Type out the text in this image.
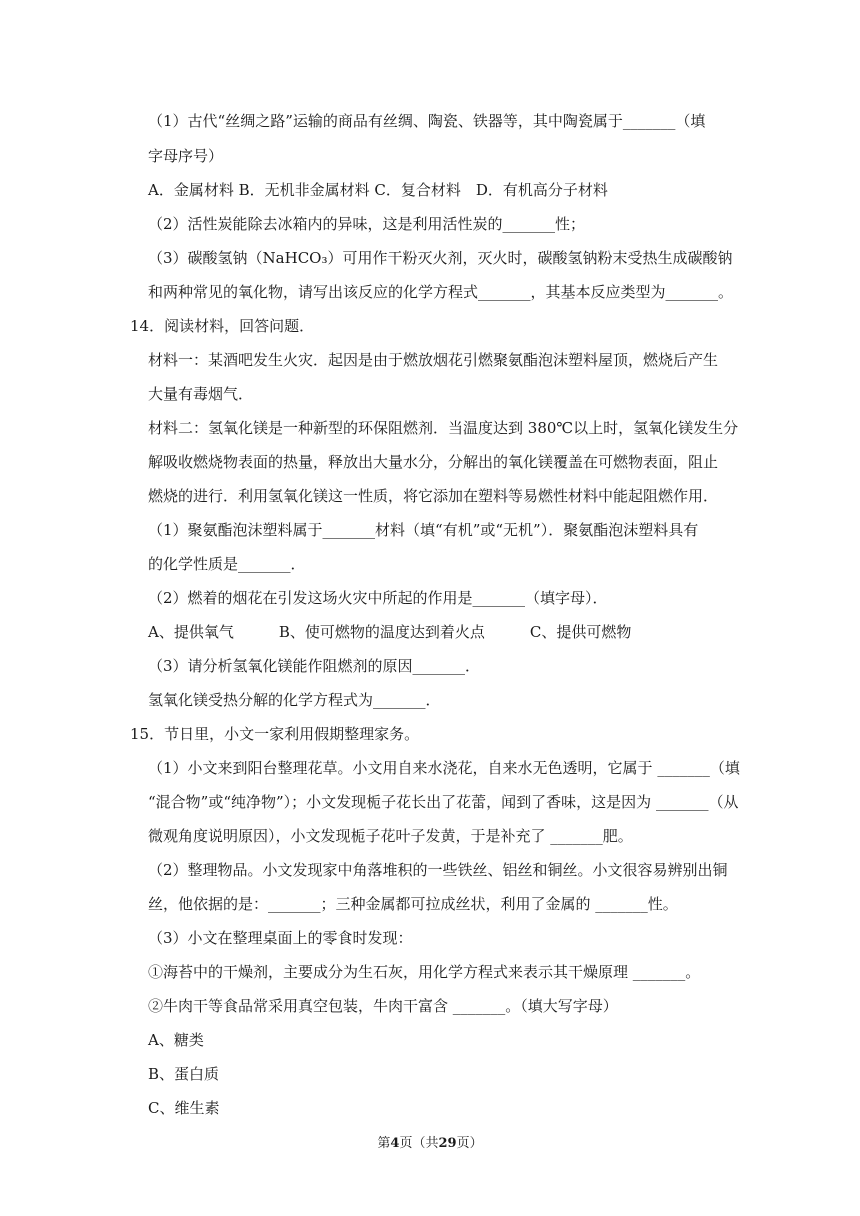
（1）古代“丝绸之路”运输的商品有丝绸、陶瓷、铁器等，其中陶瓷属于_______（填
字母序号）
A．金属材料 B．无机非金属材料 C．复合材料　D．有机高分子材料
（2）活性炭能除去冰箱内的异味，这是利用活性炭的_______性；
（3）碳酸氢钠（NaHCO₃）可用作干粉灭火剂，灭火时，碳酸氢钠粉末受热生成碳酸钠
和两种常见的氧化物，请写出该反应的化学方程式_______，其基本反应类型为_______。
14．阅读材料，回答问题．
材料一：某酒吧发生火灾．起因是由于燃放烟花引燃聚氨酯泡沫塑料屋顶，燃烧后产生
大量有毒烟气．
材料二：氢氧化镁是一种新型的环保阻燃剂．当温度达到 380℃以上时，氢氧化镁发生分
解吸收燃烧物表面的热量，释放出大量水分，分解出的氧化镁覆盖在可燃物表面，阻止
燃烧的进行．利用氢氧化镁这一性质，将它添加在塑料等易燃性材料中能起阻燃作用．
（1）聚氨酯泡沫塑料属于_______材料（填“有机”或“无机”）．聚氨酯泡沫塑料具有
的化学性质是_______．
（2）燃着的烟花在引发这场火灾中所起的作用是_______（填字母）．
A、提供氧气　　　B、使可燃物的温度达到着火点　　　C、提供可燃物
（3）请分析氢氧化镁能作阻燃剂的原因_______．
氢氧化镁受热分解的化学方程式为_______．
15．节日里，小文一家利用假期整理家务。
（1）小文来到阳台整理花草。小文用自来水浇花，自来水无色透明，它属于 _______（填
“混合物”或“纯净物”）；小文发现栀子花长出了花蕾，闻到了香味，这是因为 _______（从
微观角度说明原因），小文发现栀子花叶子发黄，于是补充了 _______肥。
（2）整理物品。小文发现家中角落堆积的一些铁丝、铝丝和铜丝。小文很容易辨别出铜
丝，他依据的是：_______；三种金属都可拉成丝状，利用了金属的 _______性。
（3）小文在整理桌面上的零食时发现：
①海苔中的干燥剂，主要成分为生石灰，用化学方程式来表示其干燥原理 _______。
②牛肉干等食品常采用真空包装，牛肉干富含 _______。（填大写字母）
A、糖类
B、蛋白质
C、维生素
第4页（共29页）
